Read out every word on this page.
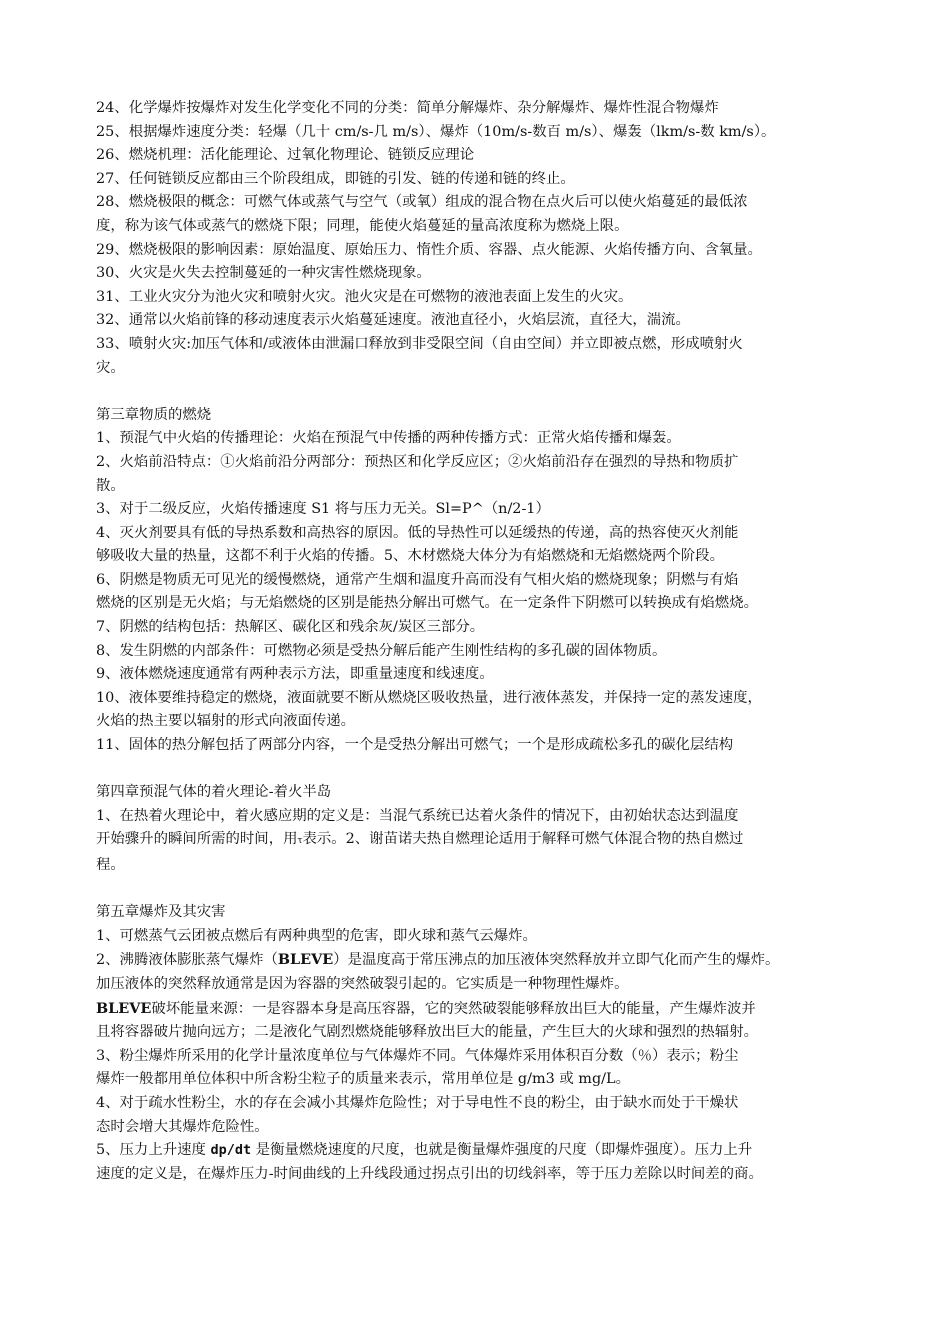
24、化学爆炸按爆炸对发生化学变化不同的分类：简单分解爆炸、杂分解爆炸、爆炸性混合物爆炸
25、根据爆炸速度分类：轻爆（几十 cm/s-几 m/s）、爆炸（10m/s-数百 m/s）、爆轰（lkm/s-数 km/s）。
26、燃烧机理：活化能理论、过氧化物理论、链锁反应理论
27、任何链锁反应都由三个阶段组成，即链的引发、链的传递和链的终止。
28、燃烧极限的概念：可燃气体或蒸气与空气（或氧）组成的混合物在点火后可以使火焰蔓延的最低浓
度，称为该气体或蒸气的燃烧下限；同理，能使火焰蔓延的量高浓度称为燃烧上限。
29、燃烧极限的影响因素：原始温度、原始压力、惰性介质、容器、点火能源、火焰传播方向、含氧量。
30、火灾是火失去控制蔓延的一种灾害性燃烧现象。
31、工业火灾分为池火灾和喷射火灾。池火灾是在可燃物的液池表面上发生的火灾。
32、通常以火焰前锋的移动速度表示火焰蔓延速度。液池直径小，火焰层流，直径大，湍流。
33、喷射火灾:加压气体和/或液体由泄漏口释放到非受限空间（自由空间）并立即被点燃，形成喷射火
灾。
第三章物质的燃烧
1、预混气中火焰的传播理论：火焰在预混气中传播的两种传播方式：正常火焰传播和爆轰。
2、火焰前沿特点：①火焰前沿分两部分：预热区和化学反应区；②火焰前沿存在强烈的导热和物质扩
散。
3、对于二级反应，火焰传播速度 S1 将与压力无关。Sl=P^（n/2-1）
4、灭火剂要具有低的导热系数和高热容的原因。低的导热性可以延缓热的传递，高的热容使灭火剂能
够吸收大量的热量，这都不利于火焰的传播。5、木材燃烧大体分为有焰燃烧和无焰燃烧两个阶段。
6、阴燃是物质无可见光的缓慢燃烧，通常产生烟和温度升高而没有气相火焰的燃烧现象；阴燃与有焰
燃烧的区别是无火焰；与无焰燃烧的区别是能热分解出可燃气。在一定条件下阴燃可以转换成有焰燃烧。
7、阴燃的结构包括：热解区、碳化区和残余灰/炭区三部分。
8、发生阴燃的内部条件：可燃物必须是受热分解后能产生刚性结构的多孔碳的固体物质。
9、液体燃烧速度通常有两种表示方法，即重量速度和线速度。
10、液体要维持稳定的燃烧，液面就要不断从燃烧区吸收热量，进行液体蒸发，并保持一定的蒸发速度，
火焰的热主要以辐射的形式向液面传递。
11、固体的热分解包括了两部分内容，一个是受热分解出可燃气；一个是形成疏松多孔的碳化层结构
第四章预混气体的着火理论-着火半岛
1、在热着火理论中，着火感应期的定义是：当混气系统已达着火条件的情况下，由初始状态达到温度
开始骤升的瞬间所需的时间，用τ表示。2、谢苗诺夫热自燃理论适用于解释可燃气体混合物的热自燃过
程。
第五章爆炸及其灾害
1、可燃蒸气云团被点燃后有两种典型的危害，即火球和蒸气云爆炸。
2、沸腾液体膨胀蒸气爆炸（BLEVE）是温度高于常压沸点的加压液体突然释放并立即气化而产生的爆炸。
加压液体的突然释放通常是因为容器的突然破裂引起的。它实质是一种物理性爆炸。
BLEVE破坏能量来源：一是容器本身是高压容器，它的突然破裂能够释放出巨大的能量，产生爆炸波并
且将容器破片抛向远方；二是液化气剧烈燃烧能够释放出巨大的能量，产生巨大的火球和强烈的热辐射。
3、粉尘爆炸所采用的化学计量浓度单位与气体爆炸不同。气体爆炸采用体积百分数（％）表示；粉尘
爆炸一般都用单位体积中所含粉尘粒子的质量来表示，常用单位是 g/m3 或 mg/L。
4、对于疏水性粉尘，水的存在会减小其爆炸危险性；对于导电性不良的粉尘，由于缺水而处于干燥状
态时会增大其爆炸危险性。
5、压力上升速度 dp/dt 是衡量燃烧速度的尺度，也就是衡量爆炸强度的尺度（即爆炸强度）。压力上升
速度的定义是，在爆炸压力-时间曲线的上升线段通过拐点引出的切线斜率，等于压力差除以时间差的商。
